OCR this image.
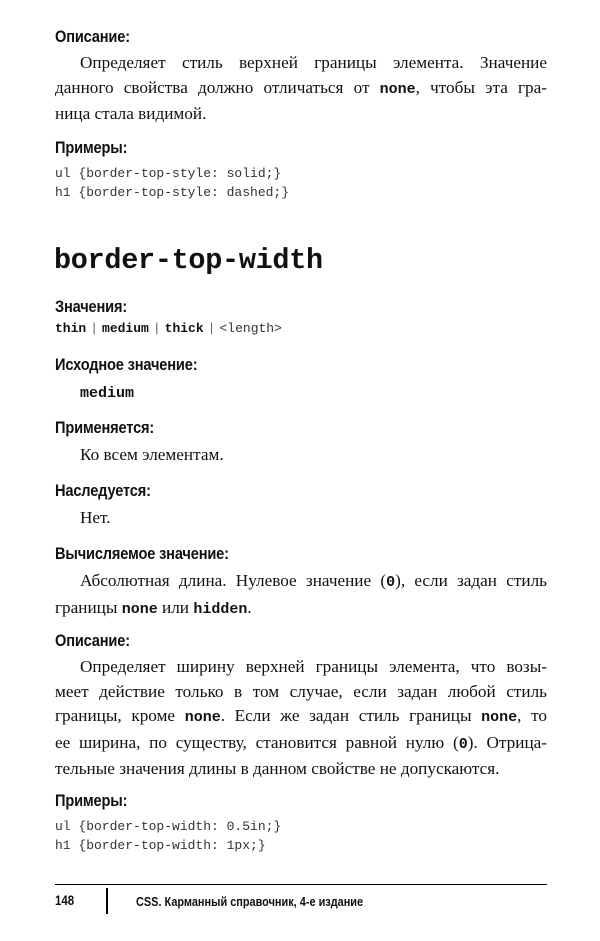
Описание:
Определяет стиль верхней границы элемента. Значение
данного свойства должно отличаться от none, чтобы эта гра-
ница стала видимой.
Примеры:
ul {border-top-style: solid;}
h1 {border-top-style: dashed;}
border-top-width
Значения:
thin | medium | thick | <length>
Исходное значение:
medium
Применяется:
Ко всем элементам.
Наследуется:
Нет.
Вычисляемое значение:
Абсолютная длина. Нулевое значение (0), если задан стиль
границы none или hidden.
Описание:
Определяет ширину верхней границы элемента, что возы-
меет действие только в том случае, если задан любой стиль
границы, кроме none. Если же задан стиль границы none, то
ее ширина, по существу, становится равной нулю (0). Отрица-
тельные значения длины в данном свойстве не допускаются.
Примеры:
ul {border-top-width: 0.5in;}
h1 {border-top-width: 1px;}
148	CSS. Карманный справочник, 4-е издание
